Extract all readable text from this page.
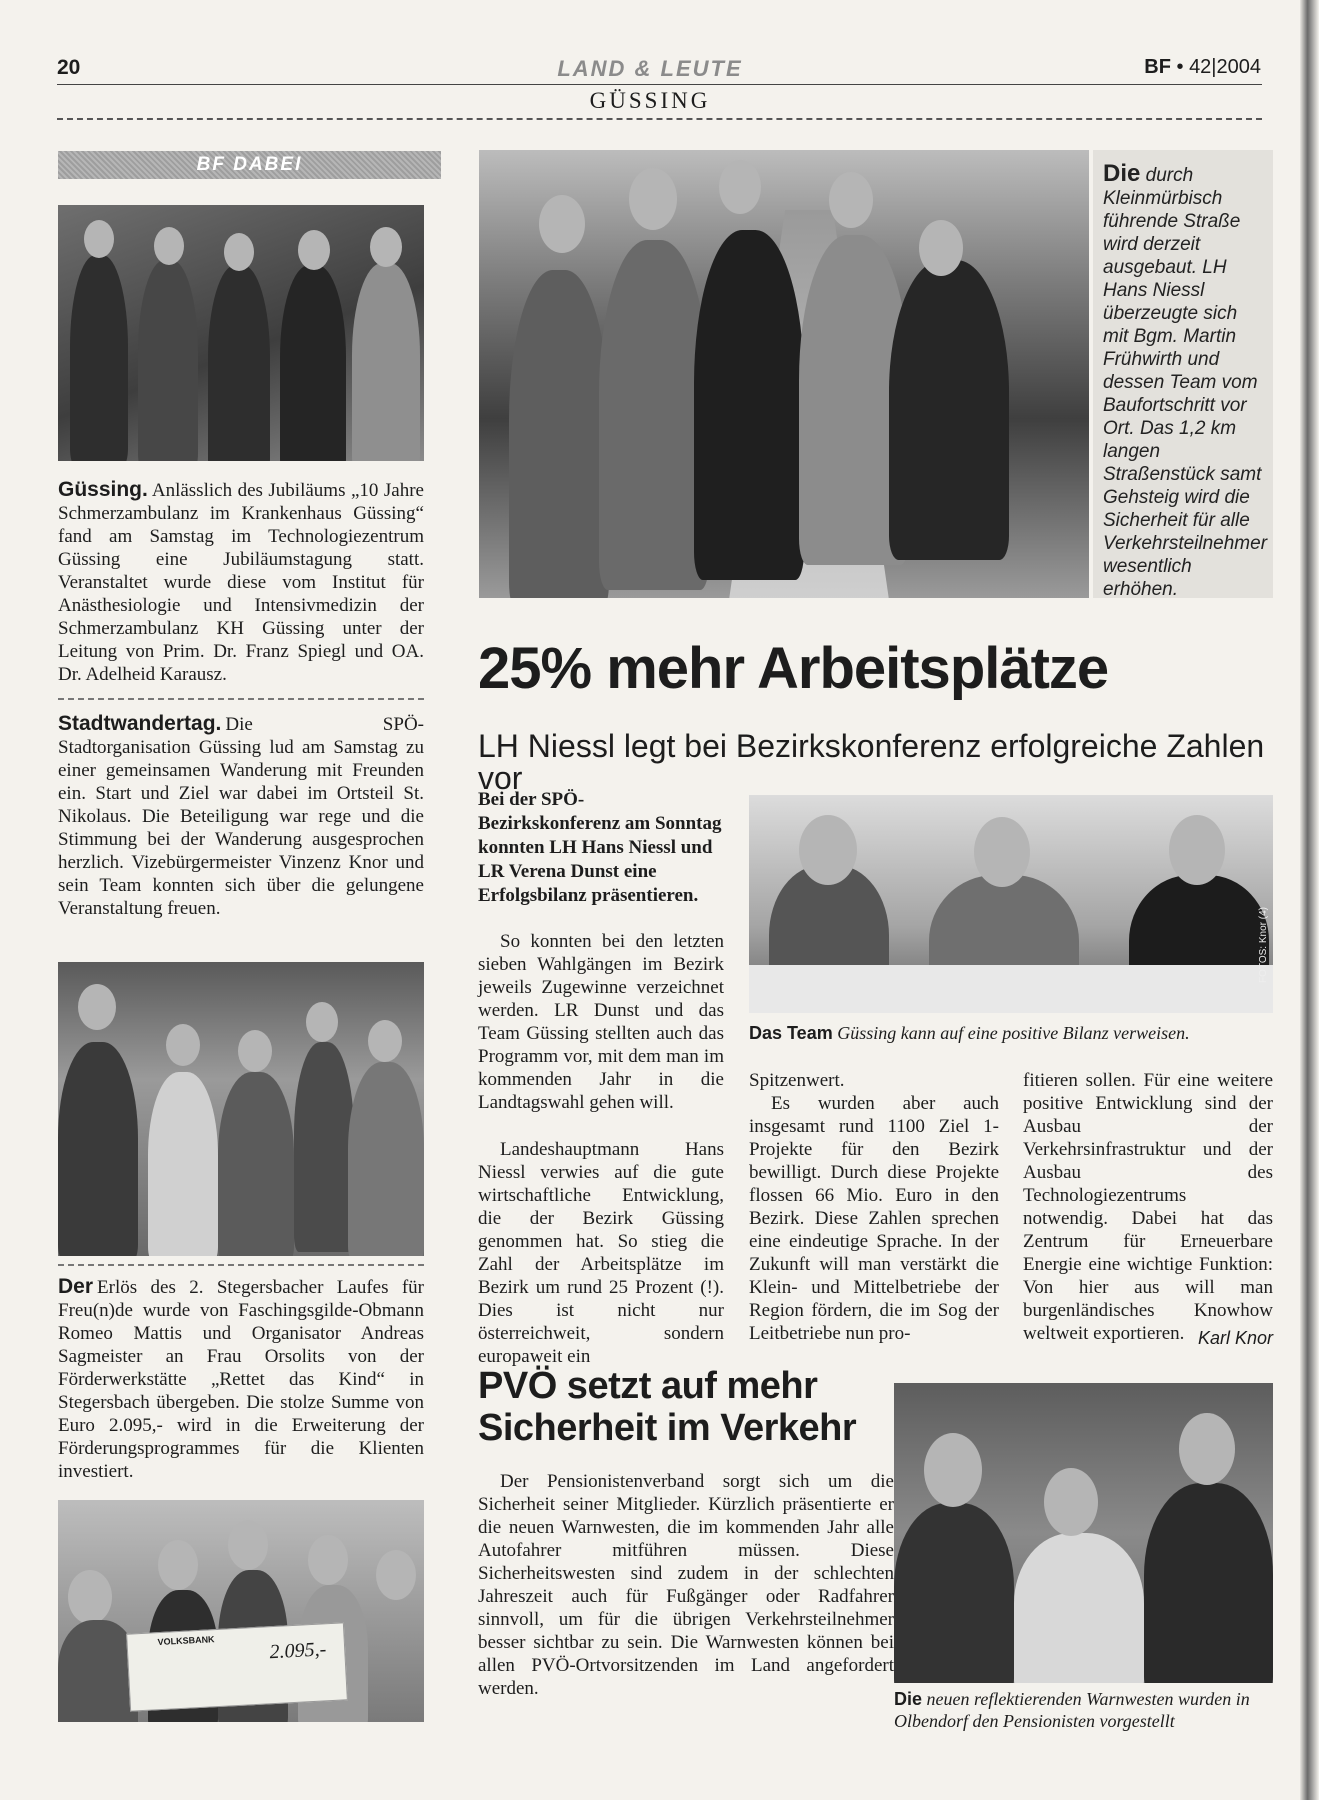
20	LAND & LEUTE	BF • 42|2004
GÜSSING
BF DABEI

Güssing. Anlässlich des Jubiläums „10 Jahre Schmerzambulanz im Krankenhaus Güssing“ fand am Samstag im Technologiezentrum Güssing eine Jubiläumstagung statt. Veranstaltet wurde diese vom Institut für Anästhesiologie und Intensivmedizin der Schmerzambulanz KH Güssing unter der Leitung von Prim. Dr. Franz Spiegl und OA. Dr. Adelheid Karausz.

Stadtwandertag. Die SPÖ-Stadtorganisation Güssing lud am Samstag zu einer gemeinsamen Wanderung mit Freunden ein. Start und Ziel war dabei im Ortsteil St. Nikolaus. Die Beteiligung war rege und die Stimmung bei der Wanderung ausgesprochen herzlich. Vizebürgermeister Vinzenz Knor und sein Team konnten sich über die gelungene Veranstaltung freuen.

Der Erlös des 2. Stegersbacher Laufes für Freu(n)de wurde von Faschingsgilde-Obmann Romeo Mattis und Organisator Andreas Sagmeister an Frau Orsolits von der Förderwerkstätte „Rettet das Kind“ in Stegersbach übergeben. Die stolze Summe von Euro 2.095,- wird in die Erweiterung der Förderungsprogrammes für die Klienten investiert.

VOLKSBANK	2.095,-
Die durch Kleinmürbisch führende Straße wird derzeit ausgebaut. LH Hans Niessl überzeugte sich mit Bgm. Martin Frühwirth und dessen Team vom Baufortschritt vor Ort. Das 1,2 km langen Straßenstück samt Gehsteig wird die Sicherheit für alle Verkehrsteilnehmer wesentlich erhöhen.
25% mehr Arbeitsplätze
LH Niessl legt bei Bezirkskonferenz erfolgreiche Zahlen vor

Bei der SPÖ-Bezirkskonferenz am Sonntag konnten LH Hans Niessl und LR Verena Dunst eine Erfolgsbilanz präsentieren.

FOTOS: Knor (4)
Das Team Güssing kann auf eine positive Bilanz verweisen.

So konnten bei den letzten sieben Wahlgängen im Bezirk jeweils Zugewinne verzeichnet werden. LR Dunst und das Team Güssing stellten auch das Programm vor, mit dem man im kommenden Jahr in die Landtagswahl gehen will.

Landeshauptmann Hans Niessl verwies auf die gute wirtschaftliche Entwicklung, die der Bezirk Güssing genommen hat. So stieg die Zahl der Arbeitsplätze im Bezirk um rund 25 Prozent (!). Dies ist nicht nur österreichweit, sondern europaweit ein

Spitzenwert.

Es wurden aber auch insgesamt rund 1100 Ziel 1-Projekte für den Bezirk bewilligt. Durch diese Projekte flossen 66 Mio. Euro in den Bezirk. Diese Zahlen sprechen eine eindeutige Sprache. In der Zukunft will man verstärkt die Klein- und Mittelbetriebe der Region fördern, die im Sog der Leitbetriebe nun pro-

fitieren sollen. Für eine weitere positive Entwicklung sind der Ausbau der Verkehrsinfrastruktur und der Ausbau des Technologiezentrums notwendig. Dabei hat das Zentrum für Erneuerbare Energie eine wichtige Funktion: Von hier aus will man burgenländisches Knowhow weltweit exportieren. Karl Knor
PVÖ setzt auf mehr
Sicherheit im Verkehr

Der Pensionistenverband sorgt sich um die Sicherheit seiner Mitglieder. Kürzlich präsentierte er die neuen Warnwesten, die im kommenden Jahr alle Autofahrer mitführen müssen. Diese Sicherheitswesten sind zudem in der schlechten Jahreszeit auch für Fußgänger oder Radfahrer sinnvoll, um für die übrigen Verkehrsteilnehmer besser sichtbar zu sein. Die Warnwesten können bei allen PVÖ-Ortvorsitzenden im Land angefordert werden.	Die neuen reflektierenden Warnwesten wurden in Olbendorf den Pensionisten vorgestellt
